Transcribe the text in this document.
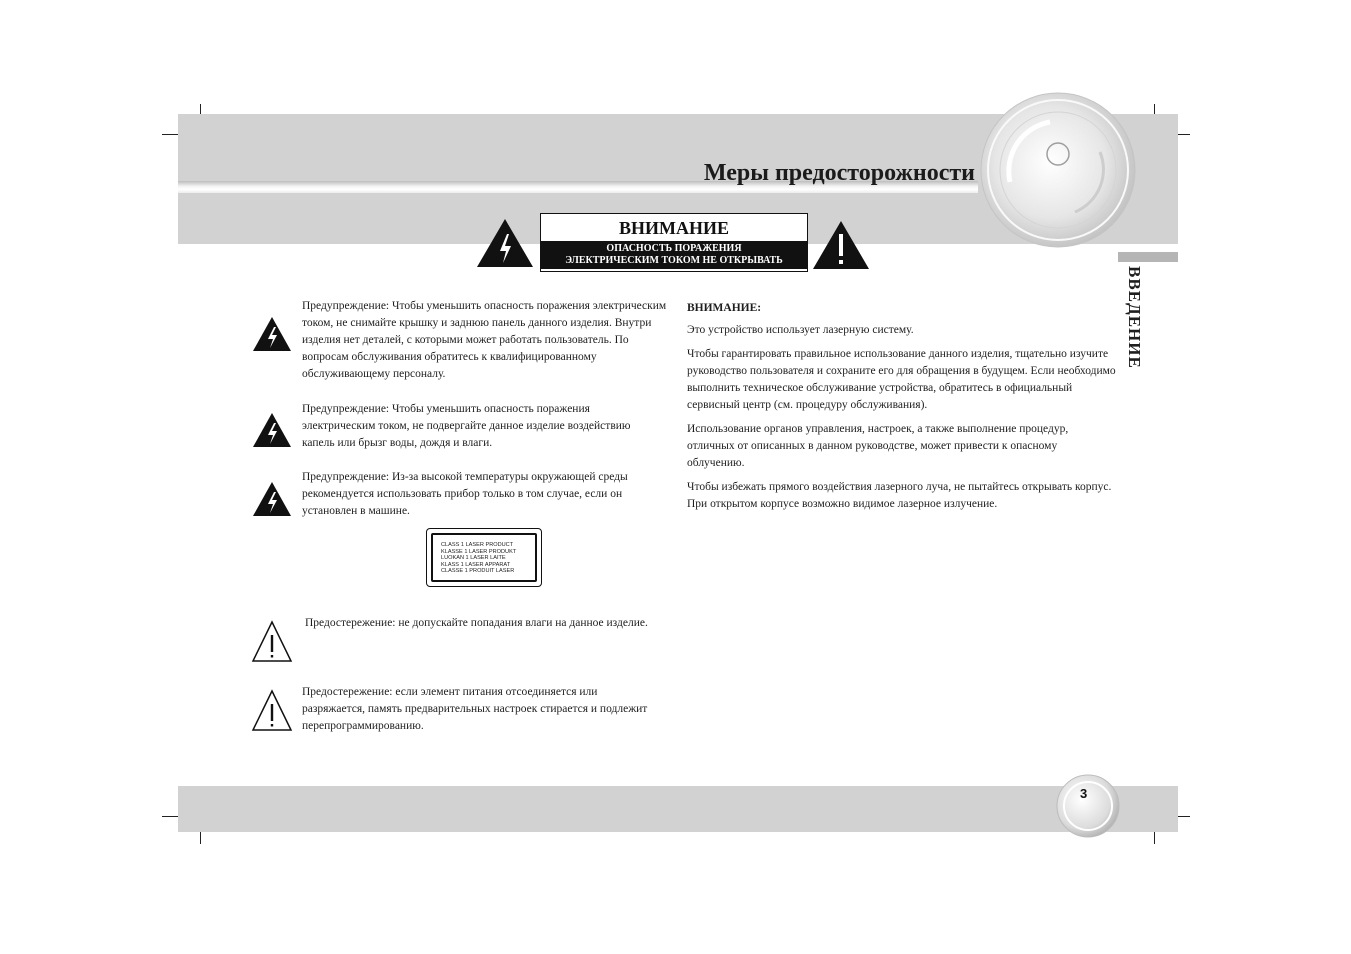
Меры предосторожности
ВВЕДЕНИЕ
ВНИМАНИЕ
ОПАСНОСТЬ ПОРАЖЕНИЯ
ЭЛЕКТРИЧЕСКИМ ТОКОМ НЕ ОТКРЫВАТЬ
Предупреждение: Чтобы уменьшить опасность поражения электрическим током, не снимайте крышку и заднюю панель данного изделия. Внутри изделия нет деталей, с которыми может работать пользователь. По вопросам обслуживания обратитесь к квалифицированному обслуживающему персоналу.
Предупреждение: Чтобы уменьшить опасность поражения электрическим током, не подвергайте данное изделие воздействию капель или брызг воды, дождя и влаги.
Предупреждение: Из-за высокой температуры окружающей среды рекомендуется использовать прибор только в том случае, если он установлен в машине.
CLASS 1 LASER PRODUCT
KLASSE 1 LASER PRODUKT
LUOKAN 1 LASER LAITE
KLASS 1 LASER APPARAT
CLASSE 1 PRODUIT LASER
Предостережение: не допускайте попадания влаги на данное изделие.
Предостережение: если элемент питания отсоединяется или разряжается, память предварительных настроек стирается и подлежит перепрограммированию.

ВНИМАНИЕ:

Это устройство использует лазерную систему.

Чтобы гарантировать правильное использование данного изделия, тщательно изучите руководство пользователя и сохраните его для обращения в будущем. Если необходимо выполнить техническое обслуживание устройства, обратитесь в официальный сервисный центр (см. процедуру обслуживания).

Использование органов управления, настроек, а также выполнение процедур, отличных от описанных в данном руководстве, может привести к опасному облучению.

Чтобы избежать прямого воздействия лазерного луча, не пытайтесь открывать корпус. При открытом корпусе возможно видимое лазерное излучение.

3
